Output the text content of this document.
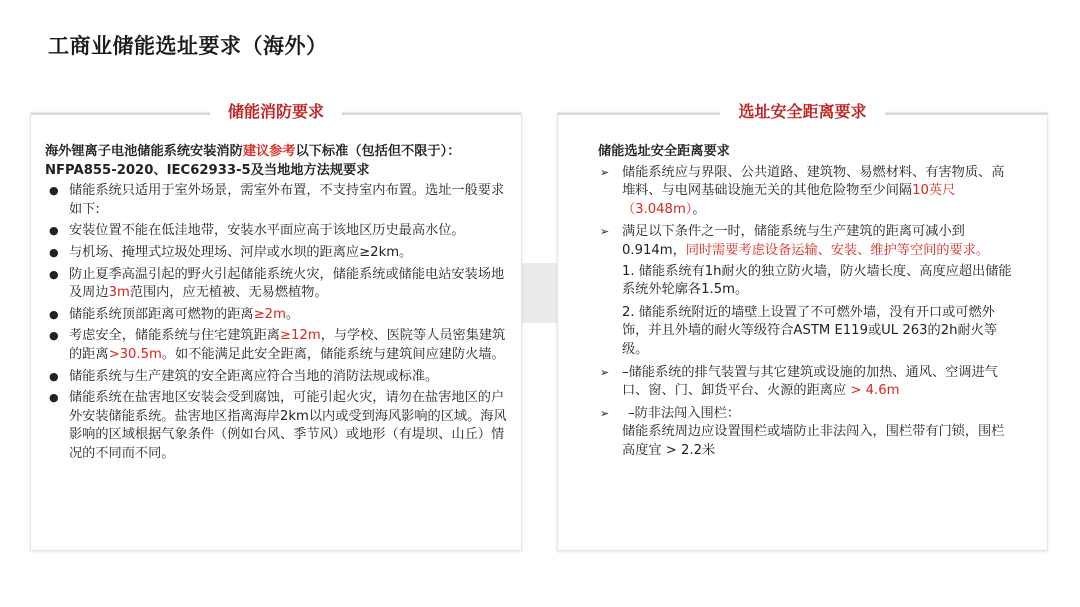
工商业储能选址要求（海外）
储能消防要求
海外锂离子电池储能系统安装消防建议参考以下标准（包括但不限于）：NFPA855-2020、IEC62933-5及当地地方法规要求
● 储能系统只适用于室外场景，需室外布置，不支持室内布置。选址一般要求如下:
● 安装位置不能在低洼地带，安装水平面应高于该地区历史最高水位。
● 与机场、掩埋式垃圾处理场、河岸或水坝的距离应≥2km。
● 防止夏季高温引起的野火引起储能系统火灾，储能系统或储能电站安装场地及周边3m范围内，应无植被、无易燃植物。
● 储能系统顶部距离可燃物的距离≥2m。
● 考虑安全，储能系统与住宅建筑距离≥12m，与学校、医院等人员密集建筑的距离>30.5m。如不能满足此安全距离，储能系统与建筑间应建防火墙。
● 储能系统与生产建筑的安全距离应符合当地的消防法规或标准。
● 储能系统在盐害地区安装会受到腐蚀，可能引起火灾，请勿在盐害地区的户外安装储能系统。盐害地区指离海岸2km以内或受到海风影响的区域。海风影响的区域根据气象条件（例如台风、季节风）或地形（有堤坝、山丘）情况的不同而不同。
选址安全距离要求
储能选址安全距离要求
➢ 储能系统应与界限、公共道路、建筑物、易燃材料、有害物质、高堆料、与电网基础设施无关的其他危险物至少间隔10英尺（3.048m）。
➢ 满足以下条件之一时，储能系统与生产建筑的距离可减小到0.914m，同时需要考虑设备运输、安装、维护等空间的要求。
1. 储能系统有1h耐火的独立防火墙，防火墙长度、高度应超出储能系统外轮廓各1.5m。
2. 储能系统附近的墙壁上设置了不可燃外墙，没有开口或可燃外饰，并且外墙的耐火等级符合ASTM E119或UL 263的2h耐火等级。
➢ –储能系统的排气装置与其它建筑或设施的加热、通风、空调进气口、窗、门、卸货平台、火源的距离应 > 4.6m
➢ –防非法闯入围栏：
储能系统周边应设置围栏或墙防止非法闯入，围栏带有门锁，围栏高度宜 > 2.2米
